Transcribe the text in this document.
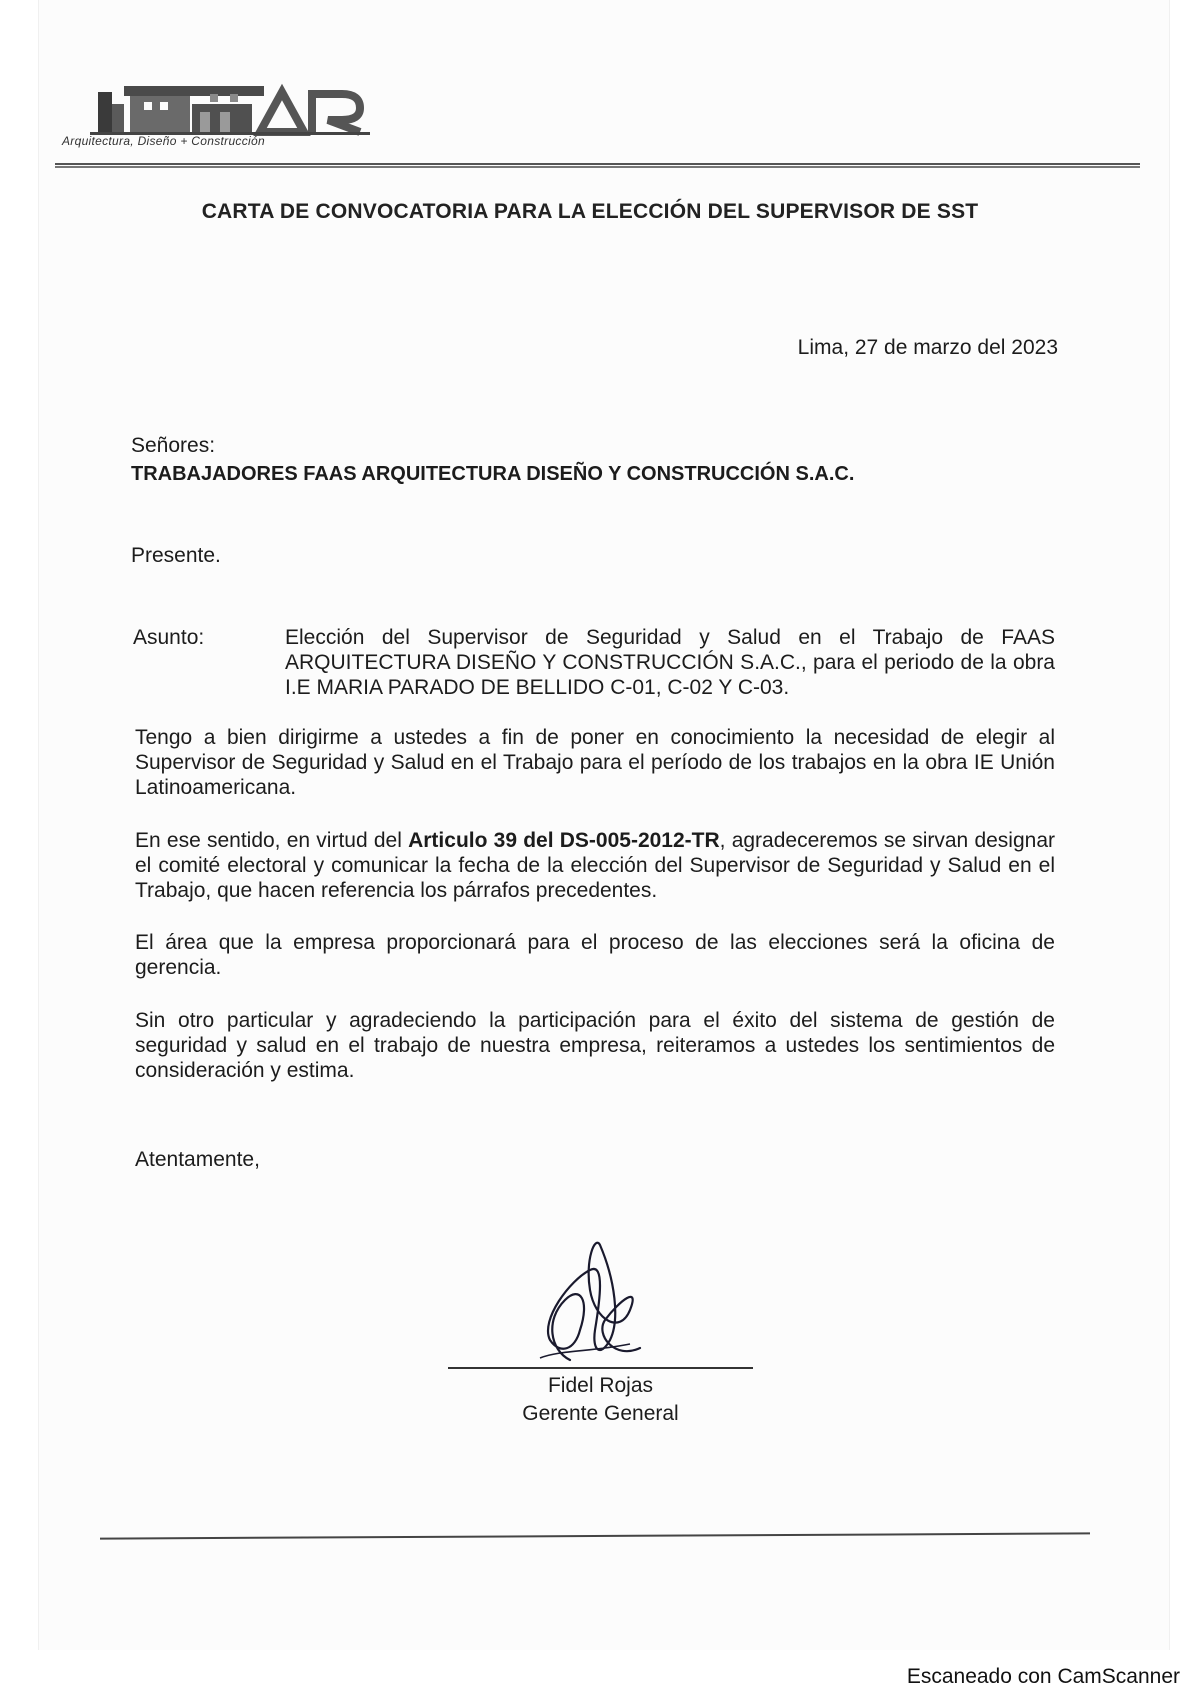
Arquitectura, Diseño + Construcción
CARTA DE CONVOCATORIA PARA LA ELECCIÓN DEL SUPERVISOR DE SST
Lima, 27 de marzo del 2023
Señores:
TRABAJADORES FAAS ARQUITECTURA DISEÑO Y CONSTRUCCIÓN S.A.C.
Presente.
Asunto:	Elección del Supervisor de Seguridad y Salud en el Trabajo de FAAS ARQUITECTURA DISEÑO Y CONSTRUCCIÓN S.A.C., para el periodo de la obra I.E MARIA PARADO DE BELLIDO C-01, C-02 Y C-03.
Tengo a bien dirigirme a ustedes a fin de poner en conocimiento la necesidad de elegir al Supervisor de Seguridad y Salud en el Trabajo para el período de los trabajos en la obra IE Unión Latinoamericana.
En ese sentido, en virtud del Articulo 39 del DS-005-2012-TR, agradeceremos se sirvan designar el comité electoral y comunicar la fecha de la elección del Supervisor de Seguridad y Salud en el Trabajo, que hacen referencia los párrafos precedentes.
El área que la empresa proporcionará para el proceso de las elecciones será la oficina de gerencia.
Sin otro particular y agradeciendo la participación para el éxito del sistema de gestión de seguridad y salud en el trabajo de nuestra empresa, reiteramos a ustedes los sentimientos de consideración y estima.
Atentamente,
Fidel Rojas
Gerente General
Escaneado con CamScanner
